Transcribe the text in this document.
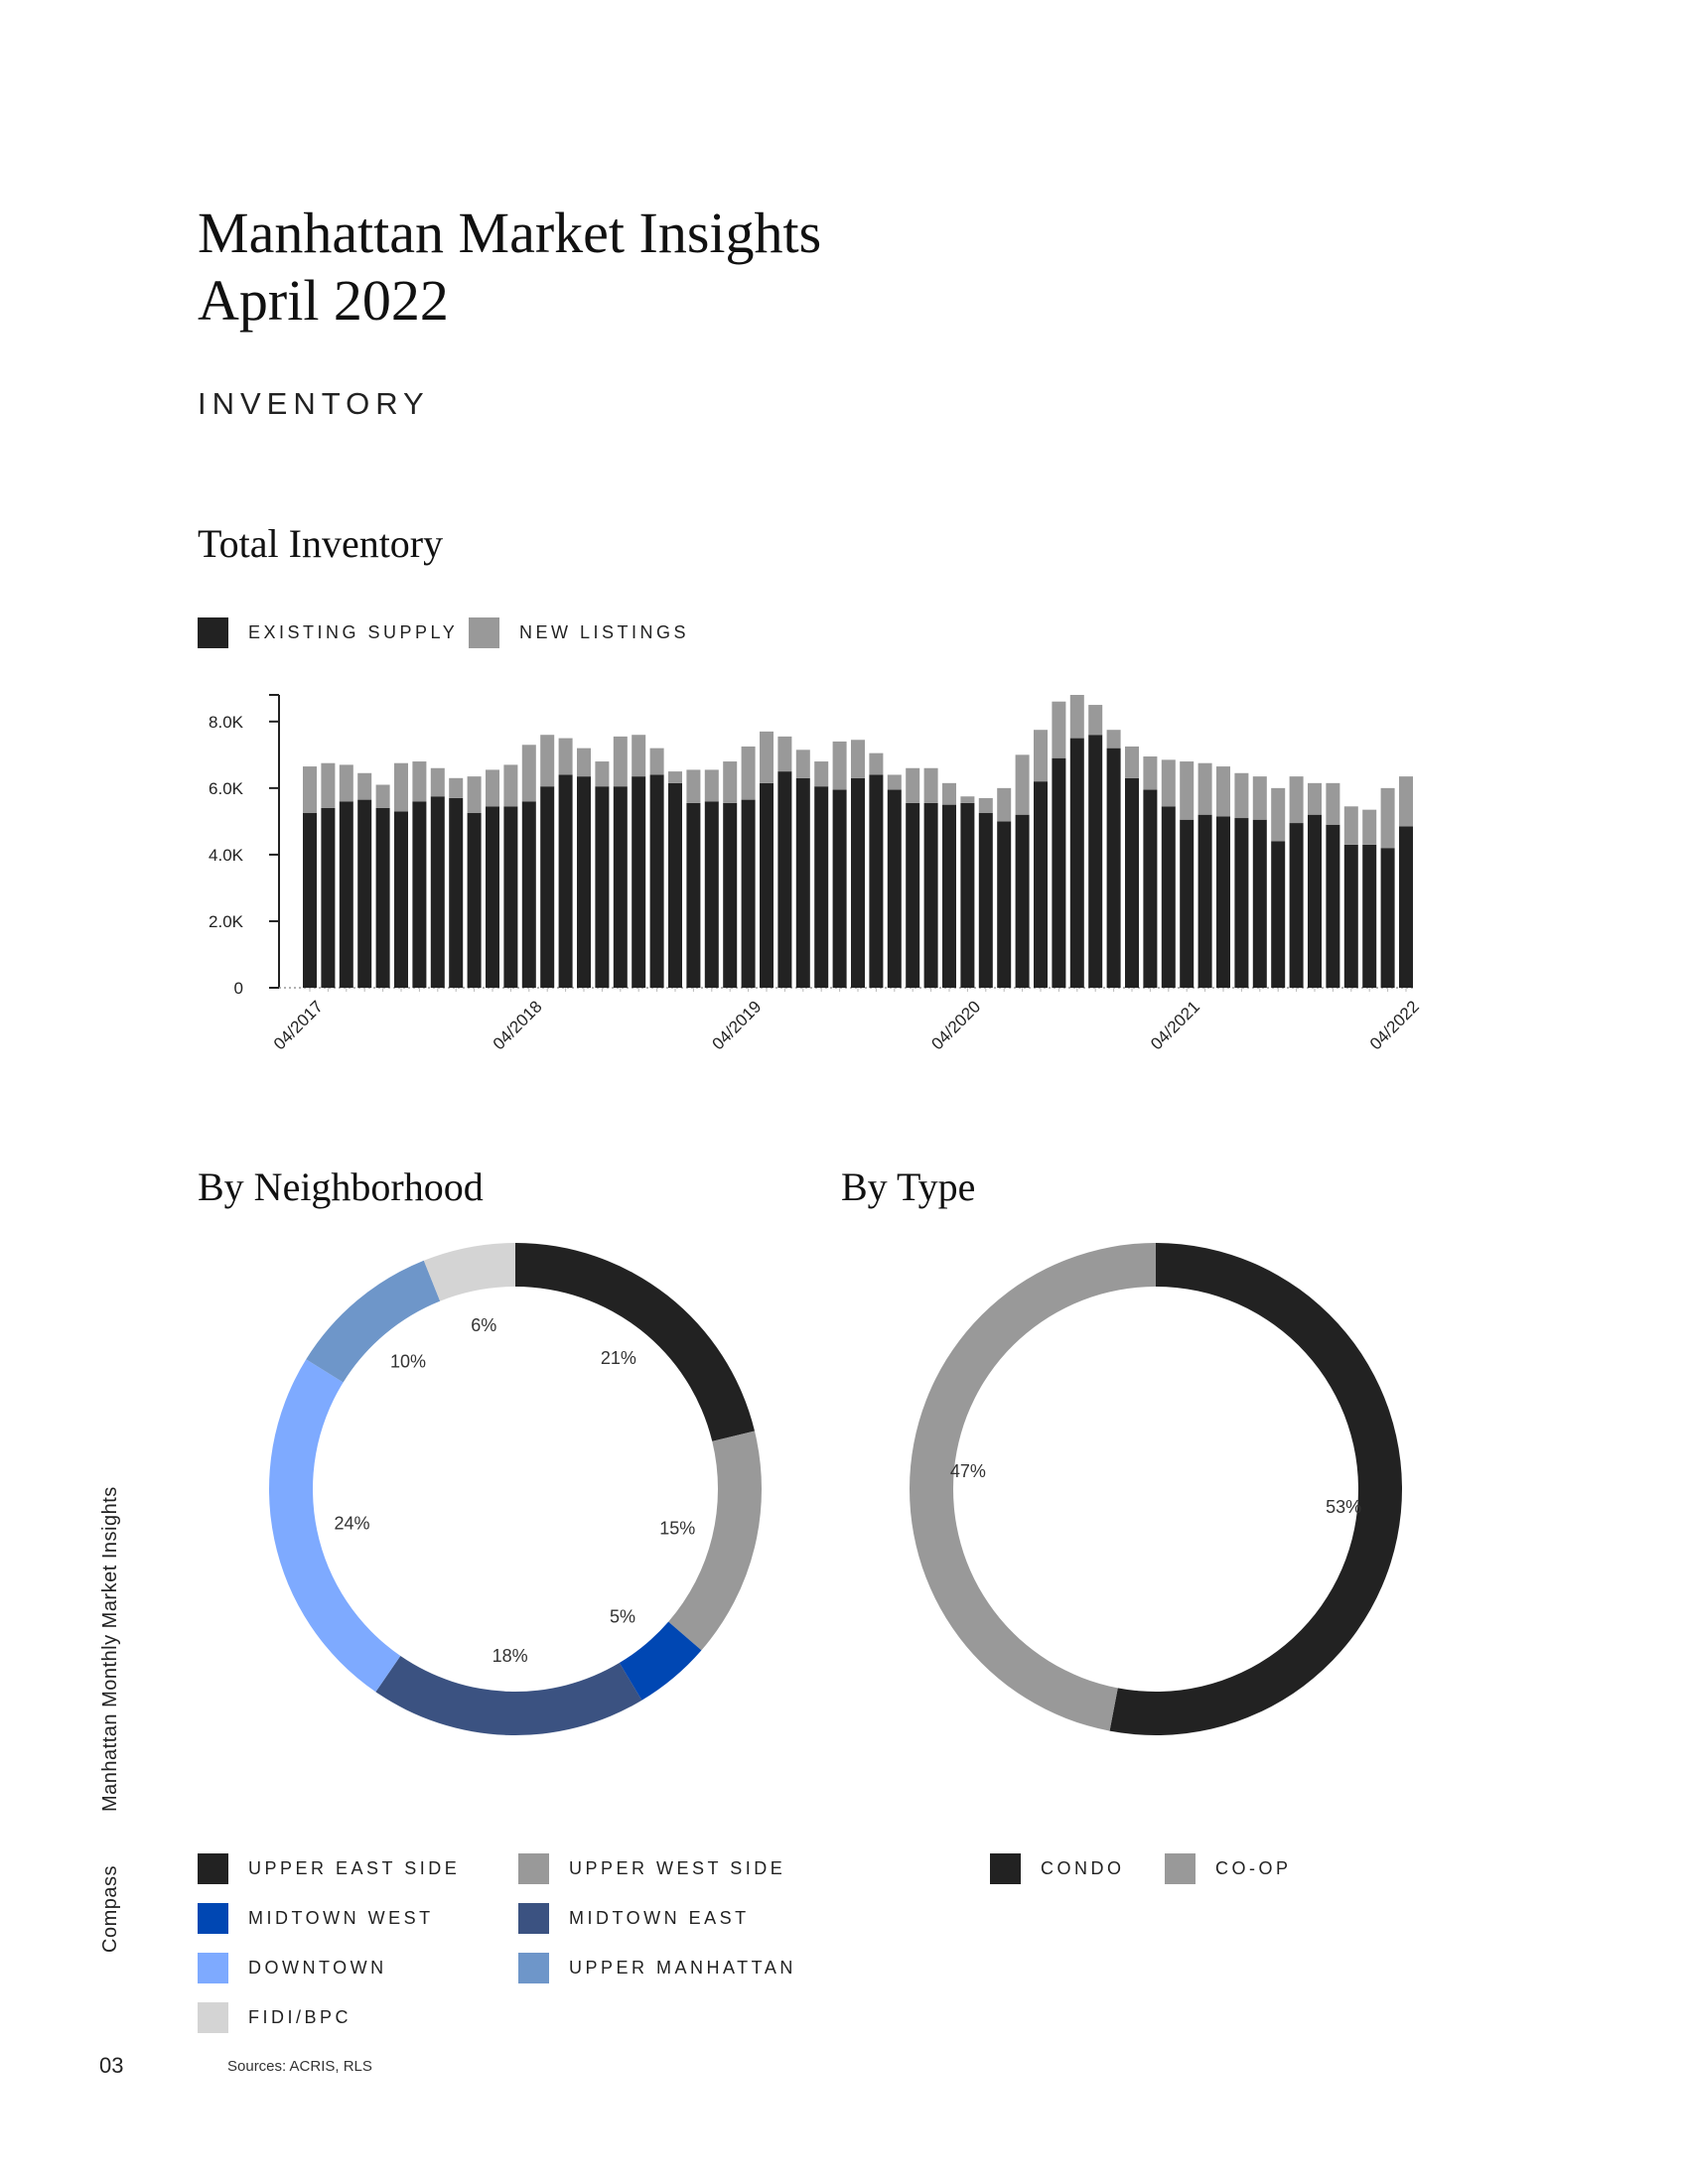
Manhattan Market Insights
April 2022
INVENTORY
Total Inventory
EXISTING SUPPLY	NEW LISTINGS
0
2.0K
4.0K
6.0K
8.0K
04/2017	04/2018	04/2019	04/2020	04/2021	04/2022
By Neighborhood	By Type
21%
15%
5%
18%
24%
10%
6%
53%
47%
UPPER EAST SIDE	UPPER WEST SIDE
MIDTOWN WEST	MIDTOWN EAST
DOWNTOWN	UPPER MANHATTAN
FIDI/BPC
CONDO	CO-OP
Manhattan Monthly Market Insights
Compass
03	Sources: ACRIS, RLS
